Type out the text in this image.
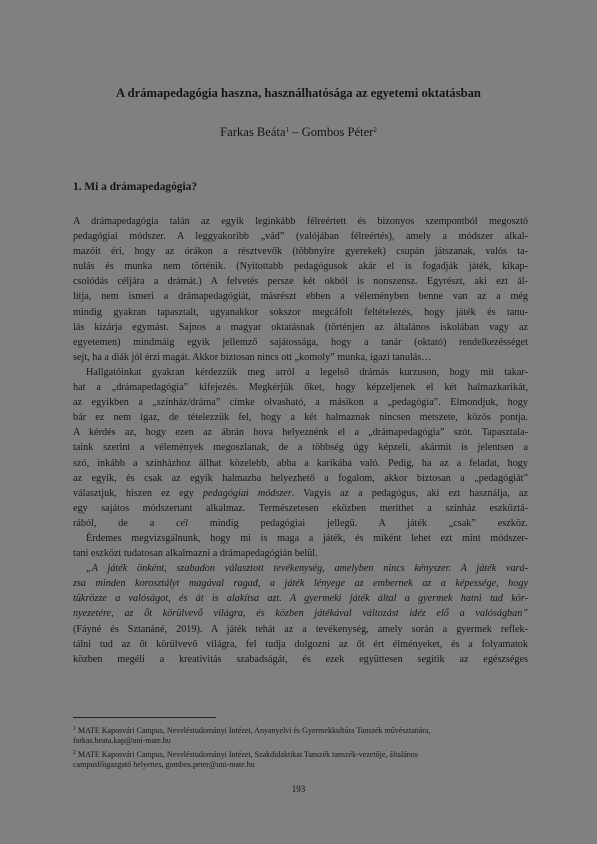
A drámapedagógia haszna, használhatósága az egyetemi oktatásban
Farkas Beáta$^1$ – Gombos Péter$^2$
1. Mi a drámapedagógia?
A drámapedagógia talán az egyik leginkább félreértett és bizonyos szempontból megosztó
pedagógiai módszer. A leggyakoribb „vád” (valójában félreértés), amely a módszer alkal-
mazóit éri, hogy az órákon a résztvevők (többnyire gyerekek) csupán játszanak, valós ta-
nulás és munka nem történik. (Nyitottabb pedagógusok akár el is fogadják játék, kikap-
csolódás céljára a drámát.) A felvetés persze két okból is nonszensz. Egyrészt, aki ezt ál-
lítja, nem ismeri a drámapedagógiát, másrészt ebben a véleményben benne van az a még
mindig gyakran tapasztalt, ugyanakkor sokszor megcáfolt feltételezés, hogy játék és tanu-
lás kizárja egymást. Sajnos a magyar oktatásnak (történjen az általános iskolában vagy az
egyetemen) mindmáig egyik jellemző sajátossága, hogy a tanár (oktató) rendelkezésséget
sejt, ha a diák jól érzi magát. Akkor biztosan nincs ott „komoly” munka, igazi tanulás…
Hallgatóinkat gyakran kérdezzük meg arról a legelső drámás kurzuson, hogy mit takar-
hat a „drámapedagógia” kifejezés. Megkérjük őket, hogy képzeljenek el két halmazkarikát,
az egyikben a „színház/dráma” címke olvasható, a másikon a „pedagógia”. Elmondjuk, hogy
bár ez nem igaz, de tételezzük fel, hogy a két halmaznak nincsen metszete, közös pontja.
A kérdés az, hogy ezen az ábrán hova helyeznénk el a „drámapedagógia” szót. Tapasztala-
taink szerint a vélemények megoszlanak, de a többség úgy képzeli, akármit is jelentsen a
szó, inkább a színházhoz állhat közelebb, abba a karikába való. Pedig, ha az a feladat, hogy
az egyik, és csak az egyik halmazba helyezhető a fogalom, akkor biztosan a „pedagógiát”
választjuk, hiszen ez egy pedagógiai módszer. Vagyis az a pedagógus, aki ezt használja, az
egy sajátos módszertant alkalmaz. Természetesen eközben meríthet a színház eszköztá-
rából, de a cél mindig pedagógiai jellegű. A játék „csak” eszköz.
Érdemes megvizsgálnunk, hogy mi is maga a játék, és miként lehet ezt mint módszer-
tani eszközt tudatosan alkalmazni a drámapedagógián belül.
„A játék önként, szabadon választott tevékenység, amelyben nincs kényszer. A játék vará-
zsa minden korosztályt magával ragad, a játék lényege az embernek az a képessége, hogy
tükrözze a valóságot, és át is alakítsa azt. A gyermeki játék által a gyermek hatni tud kör-
nyezetére, az őt körülvevő világra, és közben játékával változást idéz elő a valóságban”
(Fáyné és Sztanáné, 2019). A játék tehát az a tevékenység, amely során a gyermek reflek-
tálni tud az őt körülvevő világra, fel tudja dolgozni az őt ért élményeket, és a folyamatok
közben megéli a kreativitás szabadságát, és ezek együttesen segítik az egészséges
$^1$ MATE Kaposvári Campus, Neveléstudományi Intézet, Anyanyelvi és Gyermekkultúra Tanszék művésztanára,
farkas.beata.kap@uni-mate.hu
$^2$ MATE Kaposvári Campus, Neveléstudományi Intézet, Szakdidaktikai Tanszék tanszék-vezetője, általános
campusfőigazgató helyettes, gombos.peter@uni-mate.hu
193
